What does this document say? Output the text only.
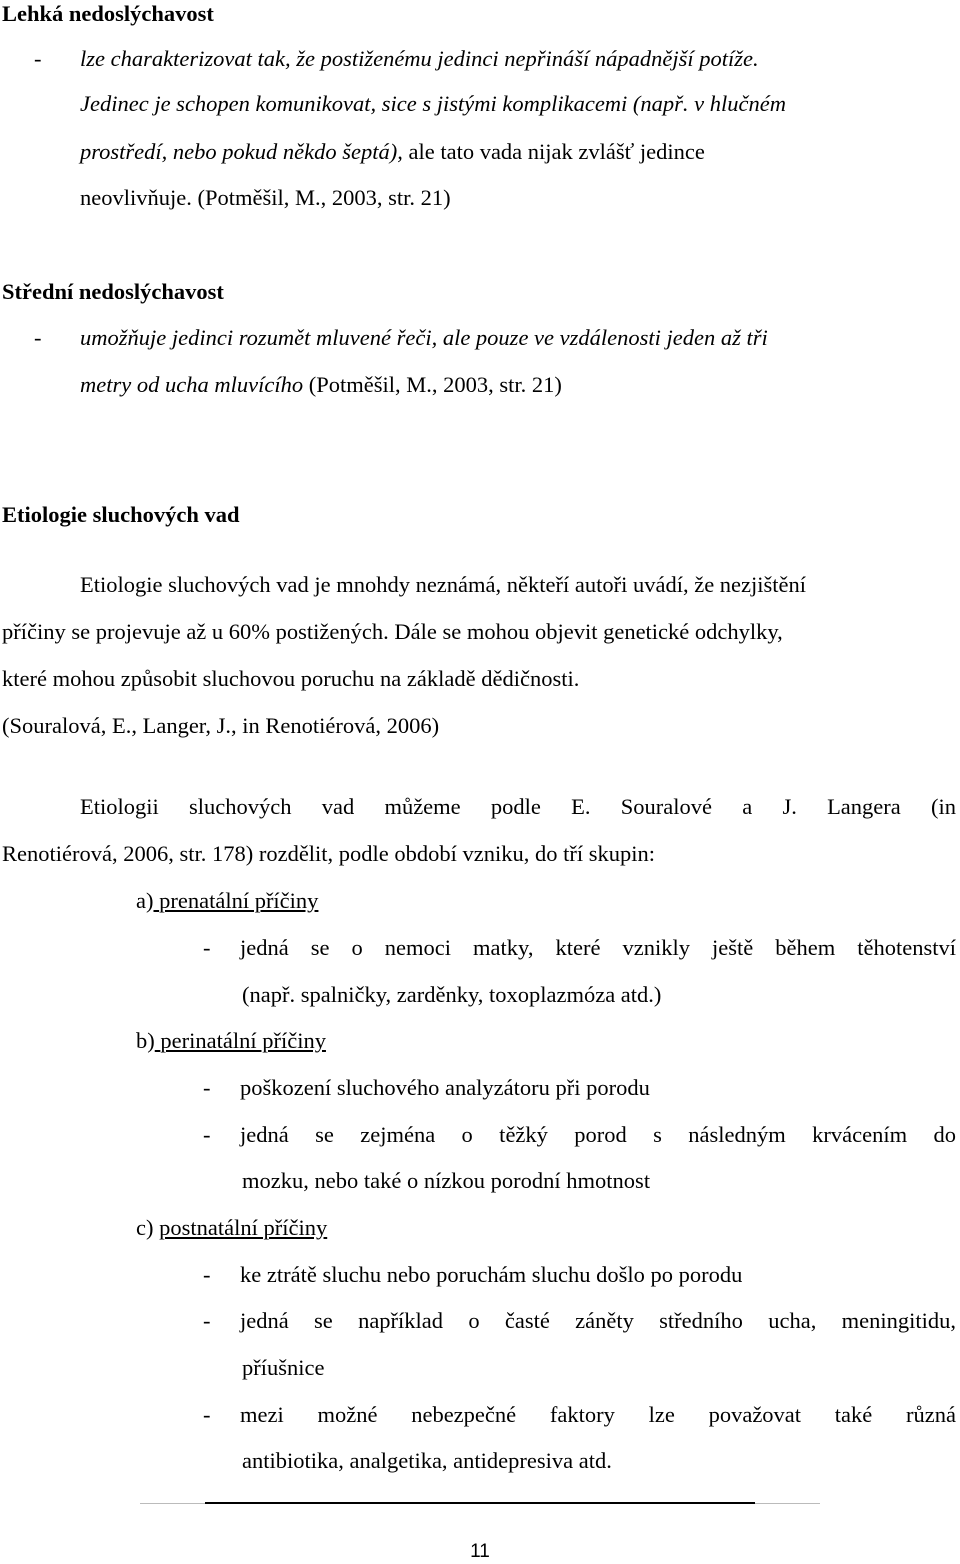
Lehká nedoslýchavost
- lze charakterizovat tak, že postiženému jedinci nepřináší nápadnější potíže.
Jedinec je schopen komunikovat, sice s jistými komplikacemi (např. v hlučném
prostředí, nebo pokud někdo šeptá), ale tato vada nijak zvlášť jedince
neovlivňuje. (Potměšil, M., 2003, str. 21)
Střední nedoslýchavost
- umožňuje jedinci rozumět mluvené řeči, ale pouze ve vzdálenosti jeden až tři
metry od ucha mluvícího (Potměšil, M., 2003, str. 21)
Etiologie sluchových vad
Etiologie sluchových vad je mnohdy neznámá, někteří autoři uvádí, že nezjištění
příčiny se projevuje až u 60% postižených. Dále se mohou objevit genetické odchylky,
které mohou způsobit sluchovou poruchu na základě dědičnosti.
(Souralová, E., Langer, J., in Renotiérová, 2006)
Etiologii sluchových vad můžeme podle E. Souralové a J. Langera (in
Renotiérová, 2006, str. 178) rozdělit, podle období vzniku, do tří skupin:
a) prenatální příčiny
- jedná se o nemoci matky, které vznikly ještě během těhotenství
(např. spalničky, zarděnky, toxoplazmóza atd.)
b) perinatální příčiny
- poškození sluchového analyzátoru při porodu
- jedná se zejména o těžký porod s následným krvácením do
mozku, nebo také o nízkou porodní hmotnost
c) postnatální příčiny
- ke ztrátě sluchu nebo poruchám sluchu došlo po porodu
- jedná se například o časté záněty středního ucha, meningitidu,
příušnice
- mezi možné nebezpečné faktory lze považovat také různá
antibiotika, analgetika, antidepresiva atd.
11
